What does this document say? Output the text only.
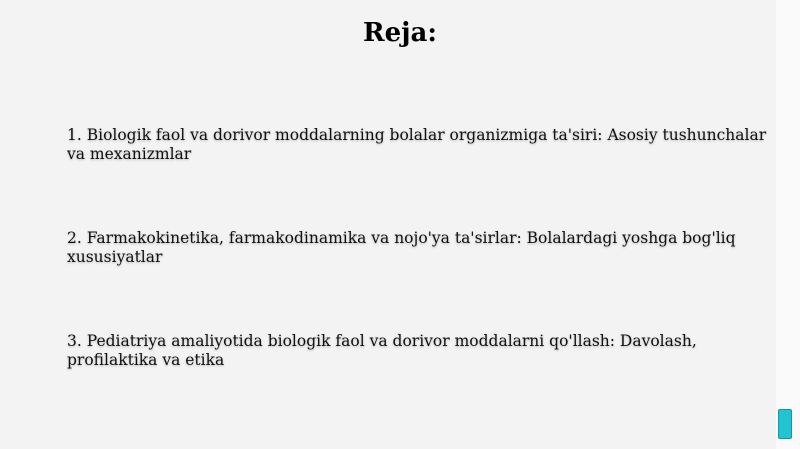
Reja:
1. Biologik faol va dorivor moddalarning bolalar organizmiga ta'siri: Asosiy tushunchalar va mexanizmlar
2. Farmakokinetika, farmakodinamika va nojo'ya ta'sirlar: Bolalardagi yoshga bog'liq xususiyatlar
3. Pediatriya amaliyotida biologik faol va dorivor moddalarni qo'llash: Davolash, profilaktika va etika
